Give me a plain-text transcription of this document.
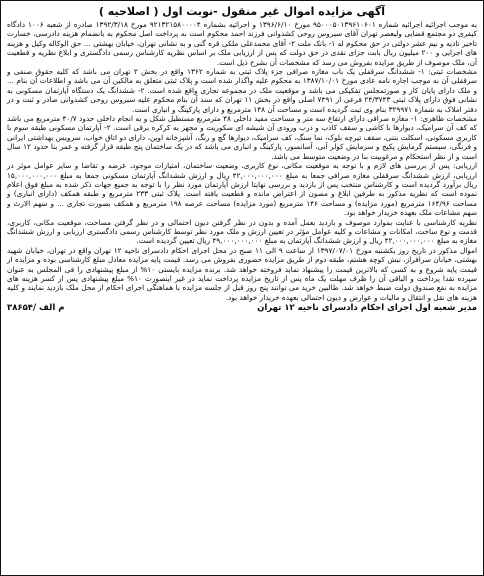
آگهی مزایده اموال غیر منقول -نوبت اول ( اصلاحیه )

به موجب اجرائیه اجرائیه شماره ۹۵۰۰۰۵۰۱۳۹۶۱۰۶۰۱ مورخ ۱۳۹۶/۶/۱۰ و اجرائیه بشماره ۹۲۱۳۲۱۵۸۰۰۰۰۴ مورخ ۱۳۹۲/۳/۱۸ صادره از شعبه ۱۰۰۶ دادگاه کیفری دو مجتمع قضایی ولیعصر تهران آقای سیروس روحی کشدوانی فرزند احمد محکوم است به پرداخت اصل محکوم به بانضمام هزینه دادرسی، خسارت تاخیر تادیه و نیم عشر دولتی در حق محکوم له ۱- بانک ملت ۲- آقای محمدعلی ملکی قره گنی و به نشانی تهران، خیابان بهشتی ... حق الوکاله وکیل و هزینه های اجرایی و ۲۰۰ میلیون ریال بابت جزای نقدی در حق دولت که پس از ارزیابی ملک بر اساس نظریه کارشناس رسمی دادگستری و ابلاغ نظریه و قطعیت آن، ملک موصوف از طریق مزایده بفروش می رسد که مشخصات آن بشرح ذیل است.

مشخصات ثبتی: ۱- ششدانگ سرقفلی یک باب مغازه صرافی جزء پلاک ثبتی به شماره ۱۳۶۲ واقع در بخش ۲ تهران می باشد که کلیه حقوق صنفی و سرقفلی آن به موجب اجاره نامه عادی مورخ ۱۳۸۷/۱۰/۰۱ به محکوم علیه واگذار شده است و پلاک ثبتی متعلق به مالکین آن می باشد و اطلاعات آن بنام ... و ملک دارای پایان کار و صورتمجلس تفکیکی می باشد و موقعیت ملک در مجموعه تجاری واقع شده است. ۲- ششدانگ یک دستگاه آپارتمان مسکونی به نشانی فوق دارای پلاک ثبتی ۲۴/۳۷۴۳ فرعی از ۷۴۹۱ اصلی واقع در بخش ۱۱ تهران که سند آن بنام محکوم علیه سیروس روحی کشدوانی صادر و ثبت و در دفتر املاک به شماره ۳۲۹۹۷۱ بنام وی ثبت گردیده است و مساحت آن ۱۴۸ مترمربع و دارای پارکینگ و انباری است.

مشخصات ظاهری: ۱- مغازه صرافی دارای ارتفاع سه متر و مساحت مفید داخلی ۴۸ مترمربع مستطیل شکل و به انجام داخلی حدود ۴۰/۷ مترمربع می باشد که کف آن سرامیک، دیوارها با کاشی و سقف کاذب و درب ورودی آن شیشه ای سکوریت و مجهز به کرکره برقی است. ۲- آپارتمان مسکونی طبقه سوم با کاربری مسکونی، اسکلت بتنی، سقف تیرچه بلوک، نما سنگ، کف سرامیک، دیوارها گچ و رنگ، آشپزخانه اوپن، دارای دو اتاق خواب، سرویس بهداشتی ایرانی و فرنگی، سیستم گرمایش پکیج و سرمایش کولر آبی، آسانسور، پارکینگ و انباری می باشد که در یک ساختمان پنج طبقه قرار گرفته و عمر بنا حدود ۱۲ سال است و از نظر استحکام و مرغوبیت بنا در وضعیت متوسط می باشد.

ارزیابی: پس از بررسی های لازم و با توجه به موقعیت مکانی، نوع کاربری، وضعیت ساختمان، امتیازات موجود، عرضه و تقاضا و سایر عوامل موثر در ارزیابی، ارزش ششدانگ سرقفلی مغازه صرافی جمعا به مبلغ ۴۲,۰۰۰,۰۰۰,۰۰۰ ریال و ارزش ششدانگ آپارتمان مسکونی جمعا به مبلغ ۱۵,۰۰۰,۰۰۰,۰۰۰ ریال برآورد گردیده است و کارشناس منتخب پس از بازدید و بررسی نهایتا ارزش آپارتمان مورد نظر را با توجه به جمیع جهات ذکر شده به مبلغ فوق اعلام نموده است که نظریه مذکور به طرفین ابلاغ و مصون از اعتراض مانده و قطعیت یافته است. پلاک ثبتی ۲۳۳ مترمربع و طبقه همکف (دارای انباری) و مساحت ۱۶۴/۹۶ مترمربع (مورد مزایده) و مساحت ۱۴۶ مترمربع (مورد مزایده) مساحت عرصه ۱۹۸ مترمربع و همکف بصورت تجاری ... و سهم الارث و سهم مشاعات ملک بعهده خریدار خواهد بود.

نظریه کارشناسی با عنایت بموارد موصوف و بازدید بعمل آمده و بدون در نظر گرفتن دیون احتمالی و در نظر گرفتن مساحت، موقعیت مکانی، کاربری، قدمت و نوع ساخت، امکانات و مشاعات و کلیه عوامل مؤثر در تعیین ارزش و ملک مورد نظر توسط کارشناس رسمی دادگستری ارزیابی و ارزش ششدانگ مغازه به مبلغ ۴۲,۰۰۰,۰۰۰,۰۰۰ ریال و ارزش ششدانگ آپارتمان به مبلغ ۴۹,۰۰۰,۰۰۰,۰۰۰ ریال تعیین گردیده است.

اموال مذکور در تاریخ روز یکشنبه مورخ ۱۳۹۷/۰۷/۰۱ از ساعت ۹ الی ۱۱ صبح در محل اجرای احکام دادسرای ناحیه ۱۲ تهران واقع در تهران، خیابان شهید بهشتی، خیابان سرافراز، نبش کوچه هشتم، طبقه دوم از طریق مزایده حضوری بفروش می رسد. قیمت پایه مزایده معادل مبلغ کارشناسی بوده و مزایده از قیمت پایه شروع و به کسی که بالاترین قیمت را پیشنهاد نماید فروخته خواهد شد. برنده مزایده بایستی ۱۰% از مبلغ پیشنهادی را فی المجلس به عنوان سپرده نقدا پرداخت و الباقی آن را ظرف مهلت یک ماه پس از تاریخ مزایده پرداخت نماید در غیر اینصورت ۱۰% مبلغ پیشنهادی پس از کسر هزینه های مزایده به نفع صندوق دولت ضبط خواهد شد. طالبین خرید می توانند پنج روز قبل از جلسه مزایده با هماهنگی اجرای احکام از محل ملک بازدید نمایند و کلیه هزینه های نقل و انتقال و مالیات و عوارض و دیون احتمالی بعهده خریدار خواهد بود.

مدیر شعبه اول اجرای احکام دادسرای ناحیه ۱۲ تهران
۳۸۶۵۴/ م الف
